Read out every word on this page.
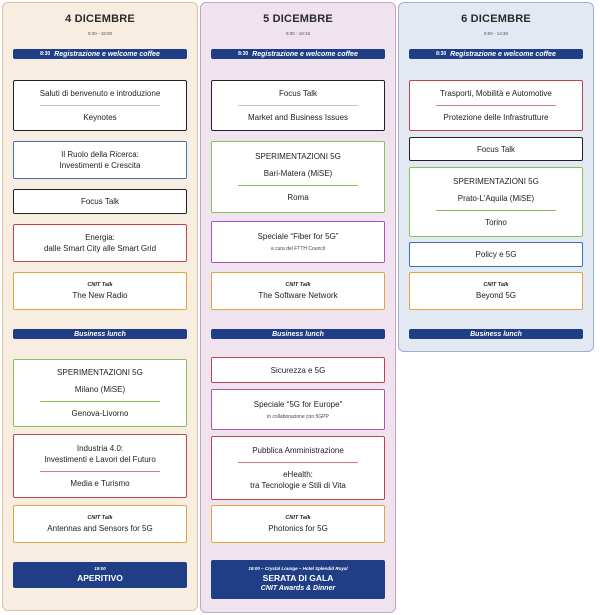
4 DICEMBRE
9:30 - 18:00
8:30 Registrazione e welcome coffee
Saluti di benvenuto e introduzione
Keynotes
Il Ruolo della Ricerca:
Investimenti e Crescita
Focus Talk
Energia:
dalle Smart City alle Smart Grid
CNIT Talk
The New Radio
Business lunch
SPERIMENTAZIONI 5G
Milano (MiSE)
Genova-Livorno
Industria 4.0:
Investimenti e Lavori del Futuro
Media e Turismo
CNIT Talk
Antennas and Sensors for 5G
19:00
APERITIVO
5 DICEMBRE
9:30 - 18:15
8:30 Registrazione e welcome coffee
Focus Talk
Market and Business Issues
SPERIMENTAZIONI 5G
Bari-Matera (MiSE)
Roma
Speciale “Fiber for 5G”
a cura del FTTH Council
CNIT Talk
The Software Network
Business lunch
Sicurezza e 5G
Speciale “5G for Europe”
in collaborazione con 5GPP
Pubblica Amministrazione
eHealth:
tra Tecnologie e Stili di Vita
CNIT Talk
Photonics for 5G
19:00 – Crystal Lounge – Hotel Splendid Royal
SERATA DI GALA
CNIT Awards & Dinner
6 DICEMBRE
9:00 - 14:30
8:30 Registrazione e welcome coffee
Trasporti, Mobilità e Automotive
Protezione delle Infrastrutture
Focus Talk
SPERIMENTAZIONI 5G
Prato-L’Aquila (MiSE)
Torino
Policy e 5G
CNIT Talk
Beyond 5G
Business lunch
